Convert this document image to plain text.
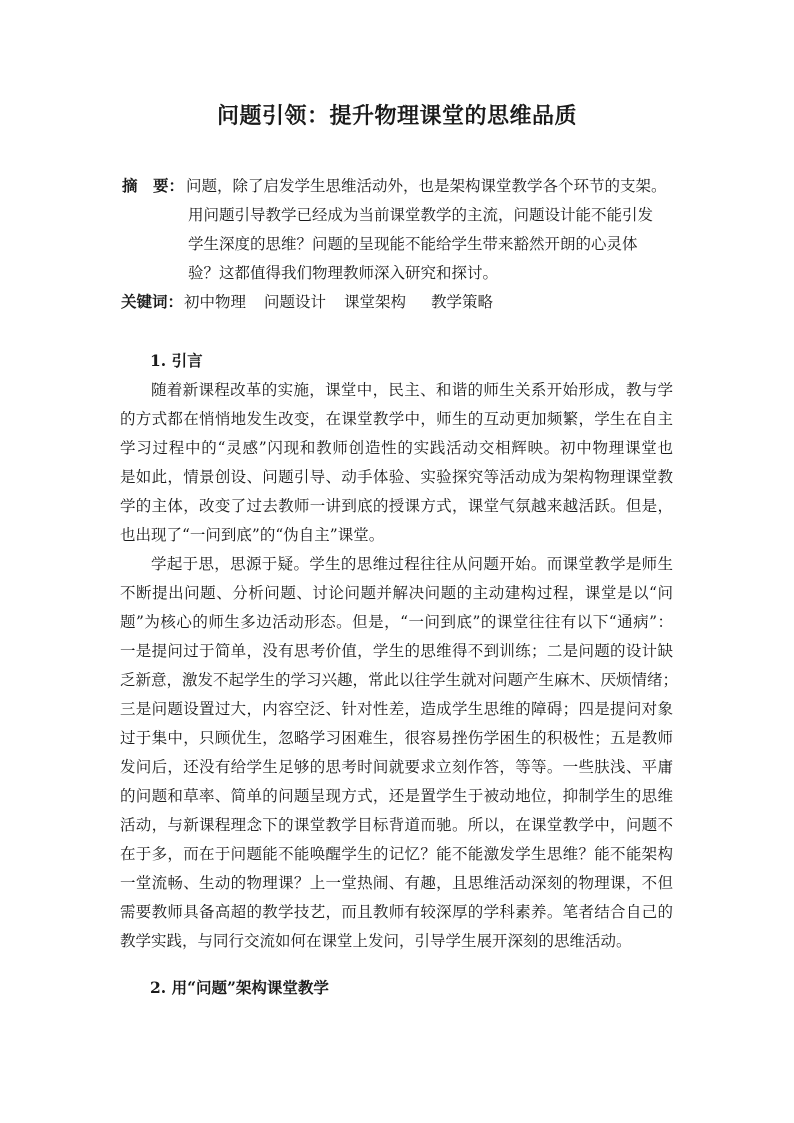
问题引领：提升物理课堂的思维品质
摘　要： 问题，除了启发学生思维活动外，也是架构课堂教学各个环节的支架。
用问题引导教学已经成为当前课堂教学的主流，问题设计能不能引发
学生深度的思维？问题的呈现能不能给学生带来豁然开朗的心灵体
验？这都值得我们物理教师深入研究和探讨。
关键词： 初中物理 问题设计 课堂架构 教学策略
1. 引言
随着新课程改革的实施，课堂中，民主、和谐的师生关系开始形成，教与学
的方式都在悄悄地发生改变，在课堂教学中，师生的互动更加频繁，学生在自主
学习过程中的“灵感”闪现和教师创造性的实践活动交相辉映。初中物理课堂也
是如此，情景创设、问题引导、动手体验、实验探究等活动成为架构物理课堂教
学的主体，改变了过去教师一讲到底的授课方式，课堂气氛越来越活跃。但是，
也出现了“一问到底”的“伪自主”课堂。
学起于思，思源于疑。学生的思维过程往往从问题开始。而课堂教学是师生
不断提出问题、分析问题、讨论问题并解决问题的主动建构过程，课堂是以“问
题”为核心的师生多边活动形态。但是，“一问到底”的课堂往往有以下“通病”：
一是提问过于简单，没有思考价值，学生的思维得不到训练；二是问题的设计缺
乏新意，激发不起学生的学习兴趣，常此以往学生就对问题产生麻木、厌烦情绪；
三是问题设置过大，内容空泛、针对性差，造成学生思维的障碍；四是提问对象
过于集中，只顾优生，忽略学习困难生，很容易挫伤学困生的积极性；五是教师
发问后，还没有给学生足够的思考时间就要求立刻作答，等等。一些肤浅、平庸
的问题和草率、简单的问题呈现方式，还是置学生于被动地位，抑制学生的思维
活动，与新课程理念下的课堂教学目标背道而驰。所以，在课堂教学中，问题不
在于多，而在于问题能不能唤醒学生的记忆？能不能激发学生思维？能不能架构
一堂流畅、生动的物理课？上一堂热闹、有趣，且思维活动深刻的物理课，不但
需要教师具备高超的教学技艺，而且教师有较深厚的学科素养。笔者结合自己的
教学实践，与同行交流如何在课堂上发问，引导学生展开深刻的思维活动。
2. 用“问题”架构课堂教学
